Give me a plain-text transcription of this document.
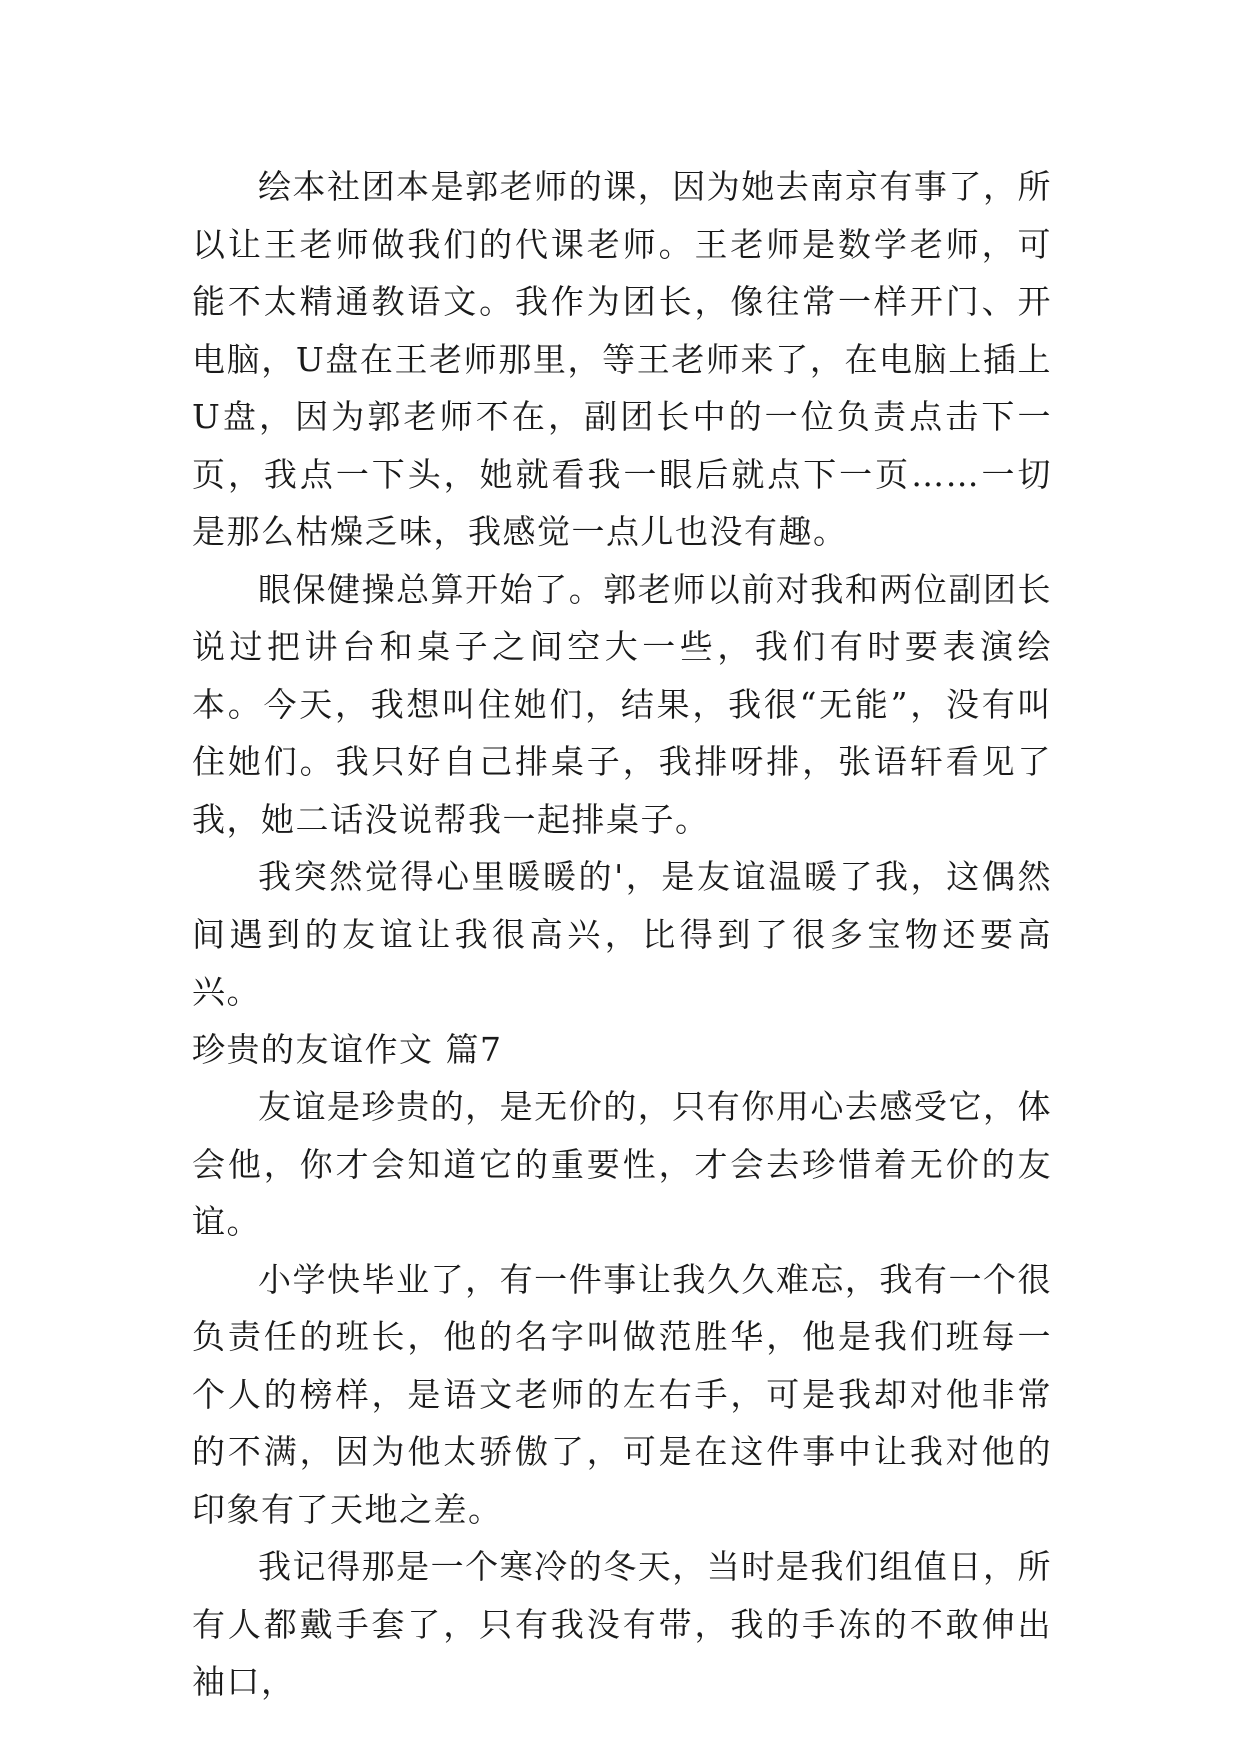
绘本社团本是郭老师的课，因为她去南京有事了，所以让王老师做我们的代课老师。王老师是数学老师，可能不太精通教语文。我作为团长，像往常一样开门、开电脑，U盘在王老师那里，等王老师来了，在电脑上插上U盘，因为郭老师不在，副团长中的一位负责点击下一页，我点一下头，她就看我一眼后就点下一页……一切是那么枯燥乏味，我感觉一点儿也没有趣。

眼保健操总算开始了。郭老师以前对我和两位副团长说过把讲台和桌子之间空大一些，我们有时要表演绘本。今天，我想叫住她们，结果，我很“无能”，没有叫住她们。我只好自己排桌子，我排呀排，张语轩看见了我，她二话没说帮我一起排桌子。

我突然觉得心里暖暖的'，是友谊温暖了我，这偶然间遇到的友谊让我很高兴，比得到了很多宝物还要高兴。

珍贵的友谊作文 篇7

友谊是珍贵的，是无价的，只有你用心去感受它，体会他，你才会知道它的重要性，才会去珍惜着无价的友谊。

小学快毕业了，有一件事让我久久难忘，我有一个很负责任的班长，他的名字叫做范胜华，他是我们班每一个人的榜样，是语文老师的左右手，可是我却对他非常的不满，因为他太骄傲了，可是在这件事中让我对他的印象有了天地之差。

我记得那是一个寒冷的冬天，当时是我们组值日，所有人都戴手套了，只有我没有带，我的手冻的不敢伸出袖口，
